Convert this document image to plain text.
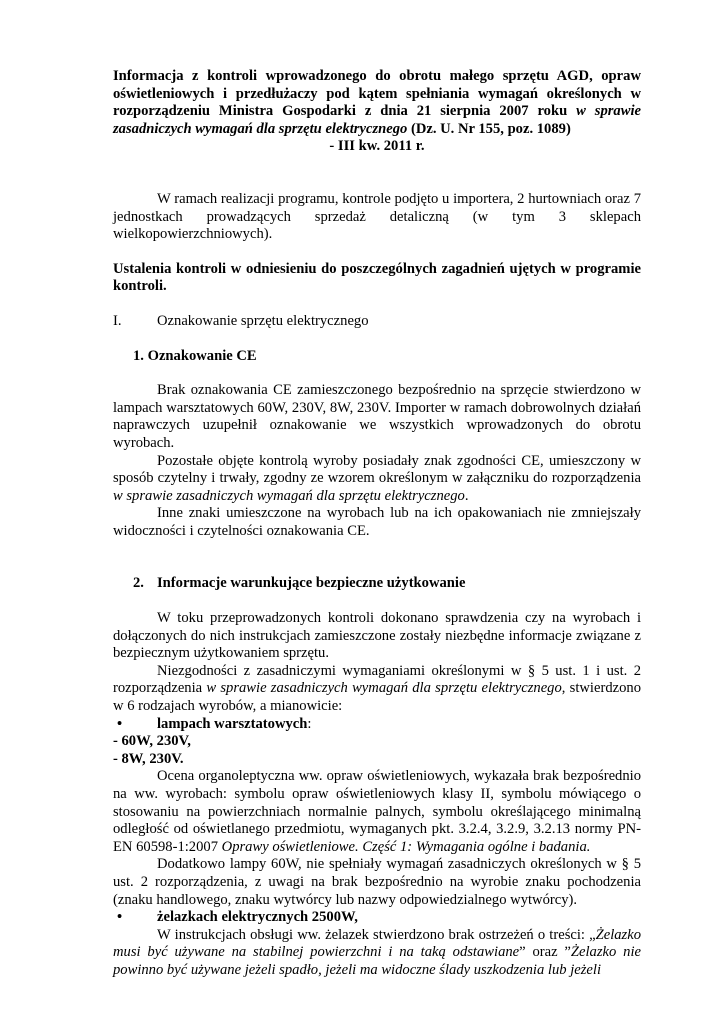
Informacja z kontroli wprowadzonego do obrotu małego sprzętu AGD, opraw oświetleniowych i przedłużaczy pod kątem spełniania wymagań określonych w rozporządzeniu Ministra Gospodarki z dnia 21 sierpnia 2007 roku w sprawie zasadniczych wymagań dla sprzętu elektrycznego (Dz. U. Nr 155, poz. 1089)
- III kw. 2011 r.

W ramach realizacji programu, kontrole podjęto u importera, 2 hurtowniach oraz 7 jednostkach prowadzących sprzedaż detaliczną (w tym 3 sklepach wielkopowierzchniowych).

Ustalenia kontroli w odniesieniu do poszczególnych zagadnień ujętych w programie kontroli.

I.	Oznakowanie sprzętu elektrycznego

1. Oznakowanie CE

Brak oznakowania CE zamieszczonego bezpośrednio na sprzęcie stwierdzono w lampach warsztatowych 60W, 230V, 8W, 230V. Importer w ramach dobrowolnych działań naprawczych uzupełnił oznakowanie we wszystkich wprowadzonych do obrotu wyrobach.

Pozostałe objęte kontrolą wyroby posiadały znak zgodności CE, umieszczony w sposób czytelny i trwały, zgodny ze wzorem określonym w załączniku do rozporządzenia w sprawie zasadniczych wymagań dla sprzętu elektrycznego.

Inne znaki umieszczone na wyrobach lub na ich opakowaniach nie zmniejszały widoczności i czytelności oznakowania CE.

2. Informacje warunkujące bezpieczne użytkowanie

W toku przeprowadzonych kontroli dokonano sprawdzenia czy na wyrobach i dołączonych do nich instrukcjach zamieszczone zostały niezbędne informacje związane z bezpiecznym użytkowaniem sprzętu.

Niezgodności z zasadniczymi wymaganiami określonymi w § 5 ust. 1 i ust. 2 rozporządzenia w sprawie zasadniczych wymagań dla sprzętu elektrycznego, stwierdzono w 6 rodzajach wyrobów, a mianowicie:

•	lampach warsztatowych:

- 60W, 230V,

- 8W, 230V.

Ocena organoleptyczna ww. opraw oświetleniowych, wykazała brak bezpośrednio na ww. wyrobach: symbolu opraw oświetleniowych klasy II, symbolu mówiącego o stosowaniu na powierzchniach normalnie palnych, symbolu określającego minimalną odległość od oświetlanego przedmiotu, wymaganych pkt. 3.2.4, 3.2.9, 3.2.13 normy PN-EN 60598-1:2007 Oprawy oświetleniowe. Część 1: Wymagania ogólne i badania.

Dodatkowo lampy 60W, nie spełniały wymagań zasadniczych określonych w § 5 ust. 2 rozporządzenia, z uwagi na brak bezpośrednio na wyrobie znaku pochodzenia (znaku handlowego, znaku wytwórcy lub nazwy odpowiedzialnego wytwórcy).

•	żelazkach elektrycznych 2500W,

W instrukcjach obsługi ww. żelazek stwierdzono brak ostrzeżeń o treści: „Żelazko musi być używane na stabilnej powierzchni i na taką odstawiane” oraz ”Żelazko nie powinno być używane jeżeli spadło, jeżeli ma widoczne ślady uszkodzenia lub jeżeli
